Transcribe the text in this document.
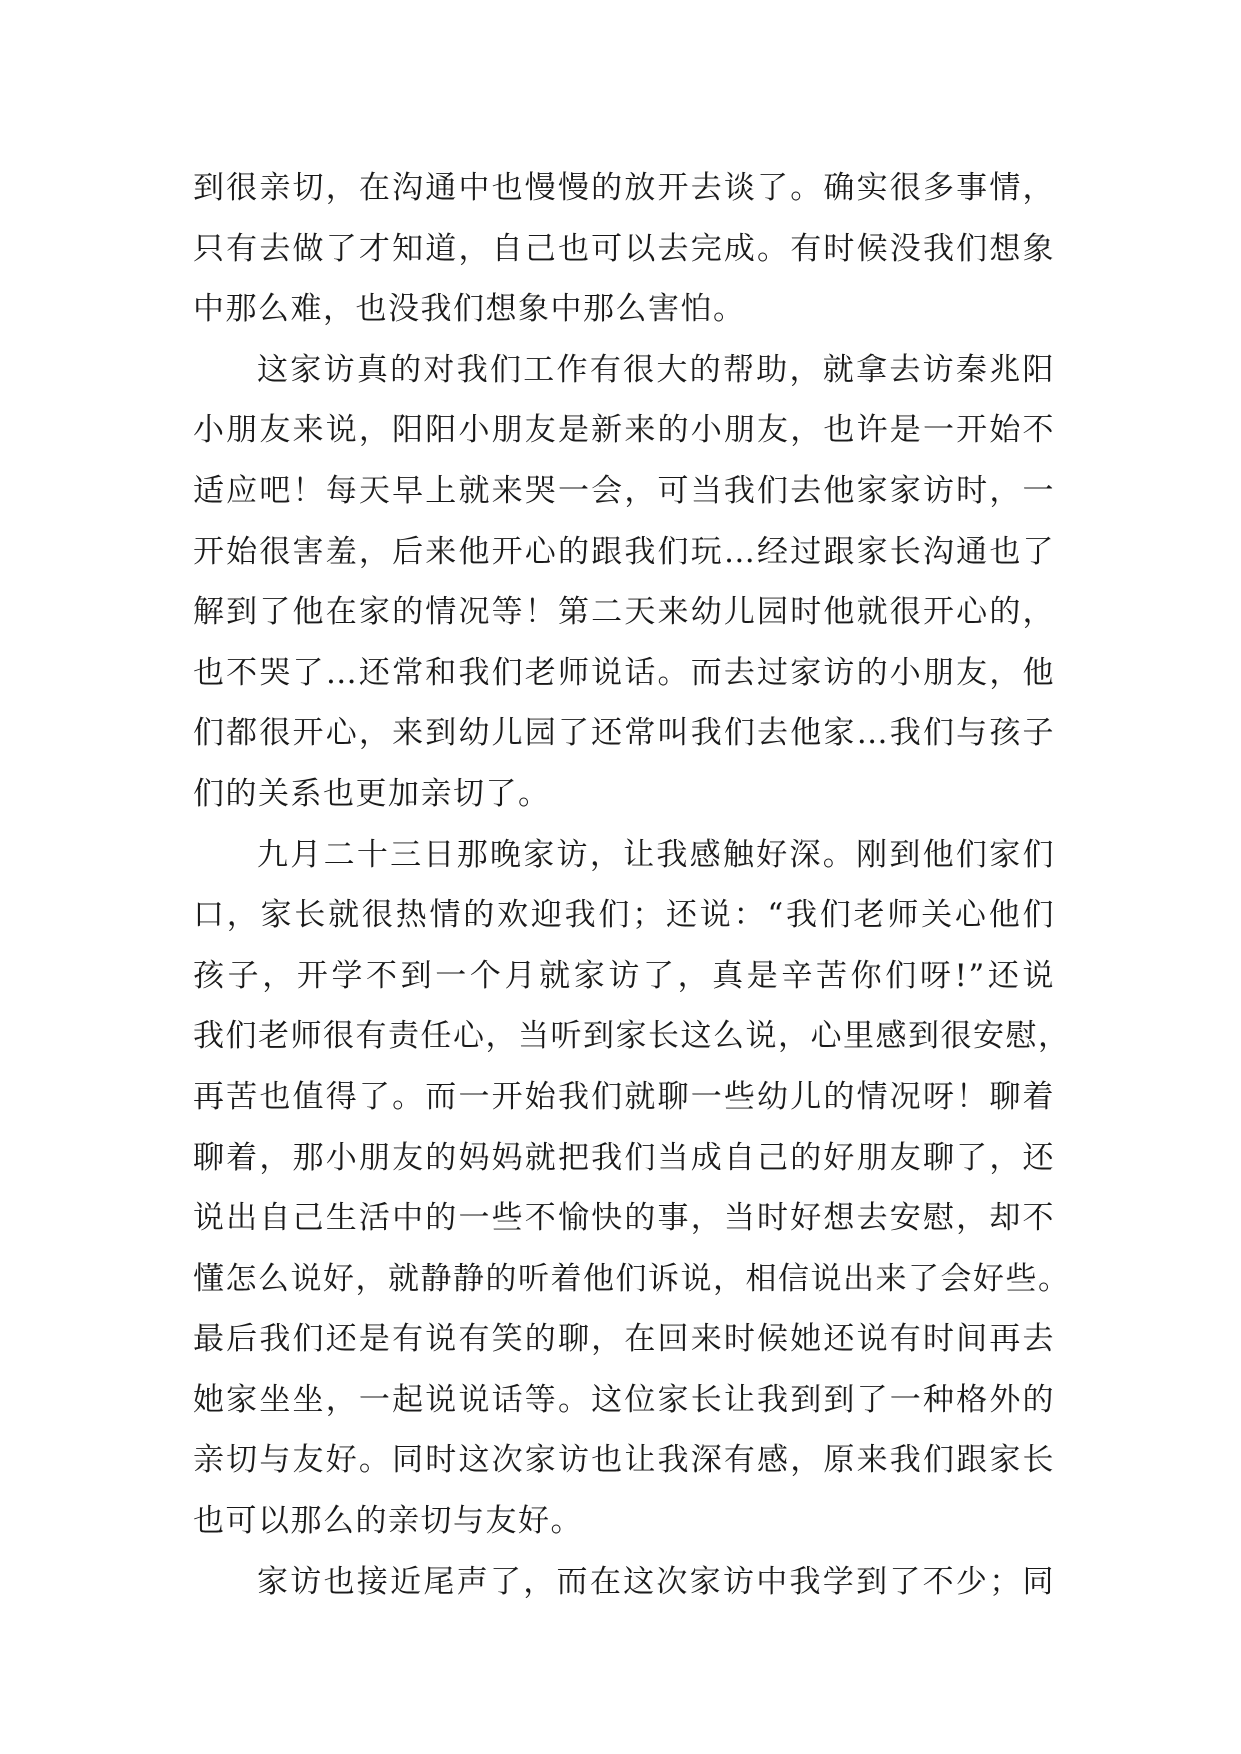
到很亲切，在沟通中也慢慢的放开去谈了。确实很多事情，
只有去做了才知道，自己也可以去完成。有时候没我们想象
中那么难，也没我们想象中那么害怕。
这家访真的对我们工作有很大的帮助，就拿去访秦兆阳
小朋友来说，阳阳小朋友是新来的小朋友，也许是一开始不
适应吧！每天早上就来哭一会，可当我们去他家家访时，一
开始很害羞，后来他开心的跟我们玩…经过跟家长沟通也了
解到了他在家的情况等！第二天来幼儿园时他就很开心的，
也不哭了…还常和我们老师说话。而去过家访的小朋友，他
们都很开心，来到幼儿园了还常叫我们去他家…我们与孩子
们的关系也更加亲切了。
九月二十三日那晚家访，让我感触好深。刚到他们家们
口，家长就很热情的欢迎我们；还说：“我们老师关心他们
孩子，开学不到一个月就家访了，真是辛苦你们呀!”还说
我们老师很有责任心，当听到家长这么说，心里感到很安慰，
再苦也值得了。而一开始我们就聊一些幼儿的情况呀！聊着
聊着，那小朋友的妈妈就把我们当成自己的好朋友聊了，还
说出自己生活中的一些不愉快的事，当时好想去安慰，却不
懂怎么说好，就静静的听着他们诉说，相信说出来了会好些。
最后我们还是有说有笑的聊，在回来时候她还说有时间再去
她家坐坐，一起说说话等。这位家长让我到到了一种格外的
亲切与友好。同时这次家访也让我深有感，原来我们跟家长
也可以那么的亲切与友好。
家访也接近尾声了，而在这次家访中我学到了不少；同
